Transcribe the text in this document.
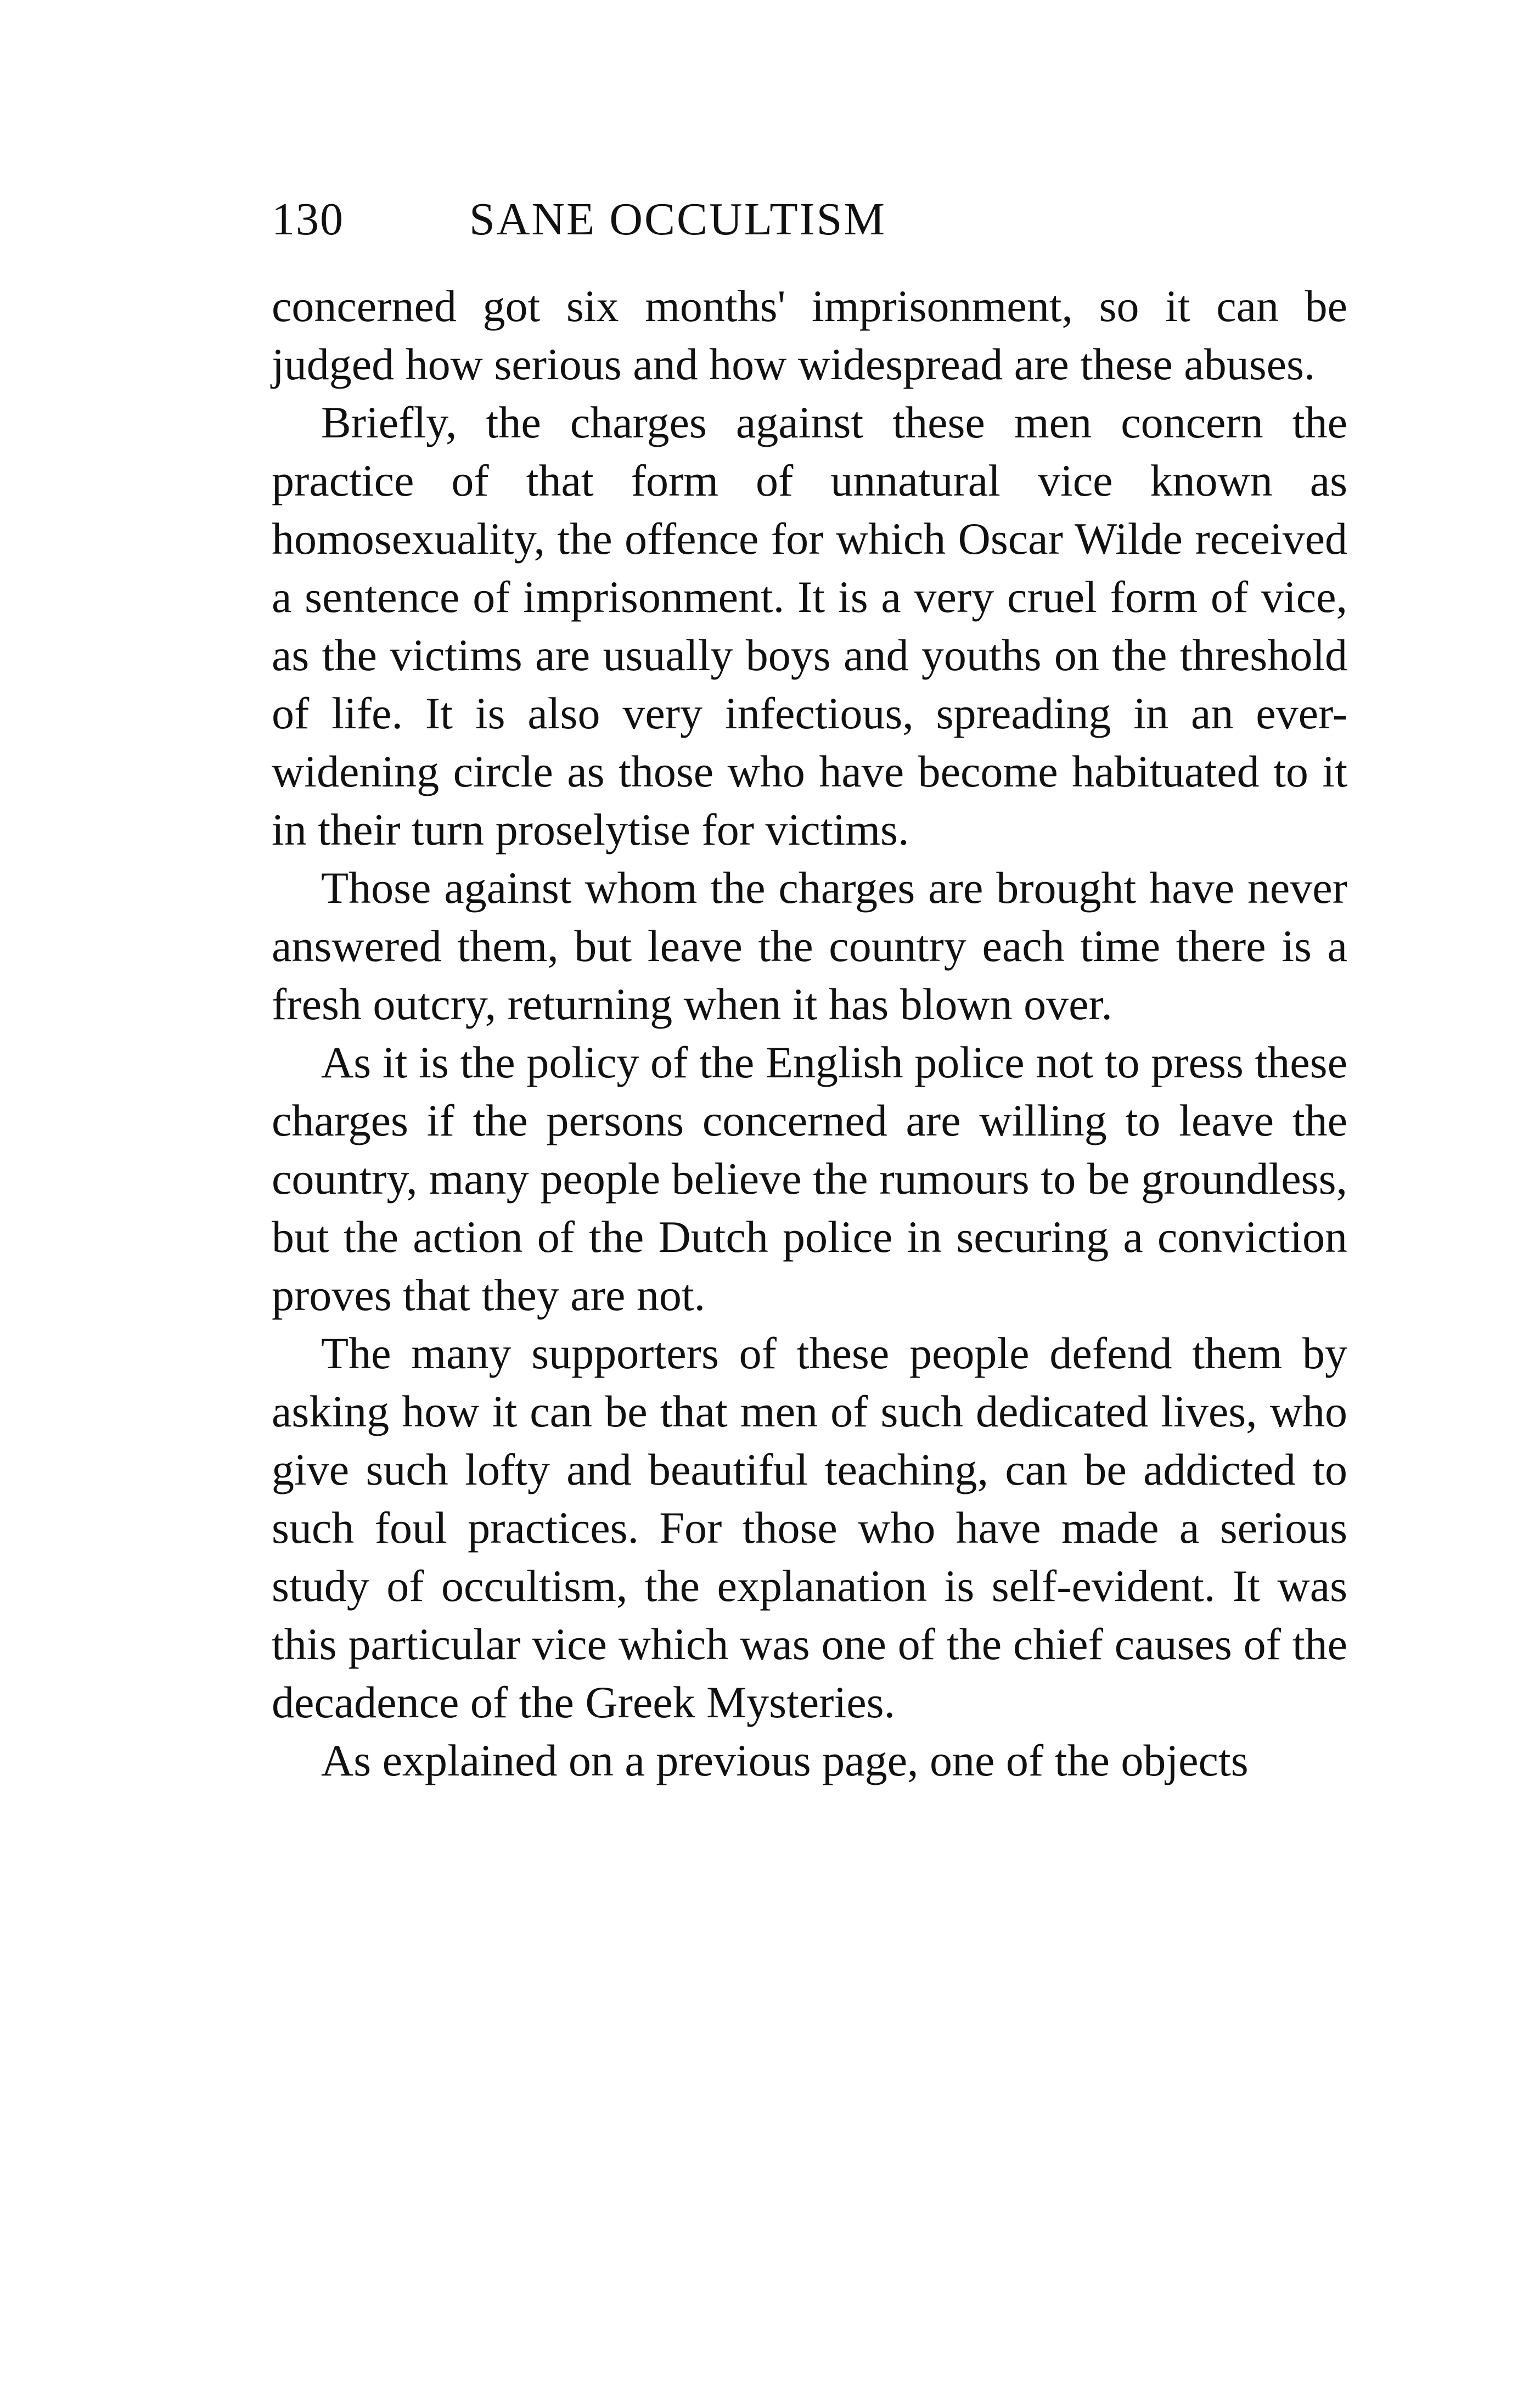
130	SANE OCCULTISM

concerned got six months' imprisonment, so it can be judged how serious and how widespread are these abuses.

Briefly, the charges against these men concern the practice of that form of unnatural vice known as homosexuality, the offence for which Oscar Wilde received a sentence of imprisonment. It is a very cruel form of vice, as the victims are usually boys and youths on the threshold of life. It is also very infectious, spreading in an ever-widening circle as those who have become habituated to it in their turn proselytise for victims.

Those against whom the charges are brought have never answered them, but leave the country each time there is a fresh outcry, returning when it has blown over.

As it is the policy of the English police not to press these charges if the persons concerned are willing to leave the country, many people believe the rumours to be groundless, but the action of the Dutch police in securing a conviction proves that they are not.

The many supporters of these people defend them by asking how it can be that men of such dedicated lives, who give such lofty and beautiful teaching, can be addicted to such foul practices. For those who have made a serious study of occultism, the explanation is self-evident. It was this particular vice which was one of the chief causes of the decadence of the Greek Mysteries.

As explained on a previous page, one of the objects
